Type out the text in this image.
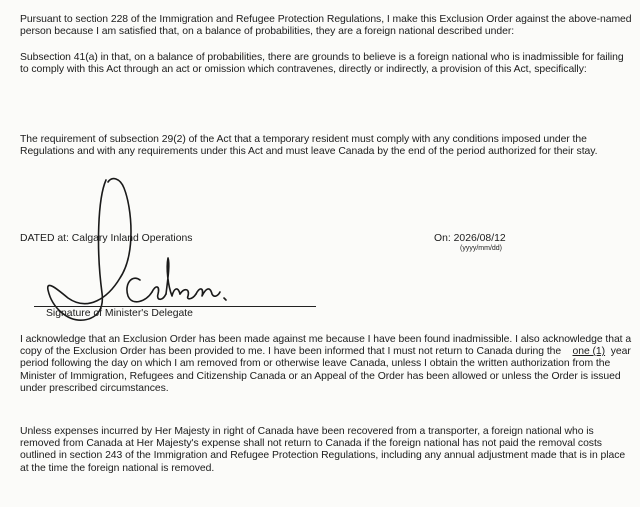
Pursuant to section 228 of the Immigration and Refugee Protection Regulations, I make this Exclusion Order against the above-named person because I am satisfied that, on a balance of probabilities, they are a foreign national described under:

Subsection 41(a) in that, on a balance of probabilities, there are grounds to believe is a foreign national who is inadmissible for failing to comply with this Act through an act or omission which contravenes, directly or indirectly, a provision of this Act, specifically:

The requirement of subsection 29(2) of the Act that a temporary resident must comply with any conditions imposed under the Regulations and with any requirements under this Act and must leave Canada by the end of the period authorized for their stay.

DATED at: Calgary Inland Operations	On: 2026/08/12
(yyyy/mm/dd)
Signature of Minister's Delegate

I acknowledge that an Exclusion Order has been made against me because I have been found inadmissible. I also acknowledge that a copy of the Exclusion Order has been provided to me. I have been informed that I must not return to Canada during the one (1) year period following the day on which I am removed from or otherwise leave Canada, unless I obtain the written authorization from the Minister of Immigration, Refugees and Citizenship Canada or an Appeal of the Order has been allowed or unless the Order is issued under prescribed circumstances.

Unless expenses incurred by Her Majesty in right of Canada have been recovered from a transporter, a foreign national who is removed from Canada at Her Majesty's expense shall not return to Canada if the foreign national has not paid the removal costs outlined in section 243 of the Immigration and Refugee Protection Regulations, including any annual adjustment made that is in place at the time the foreign national is removed.
